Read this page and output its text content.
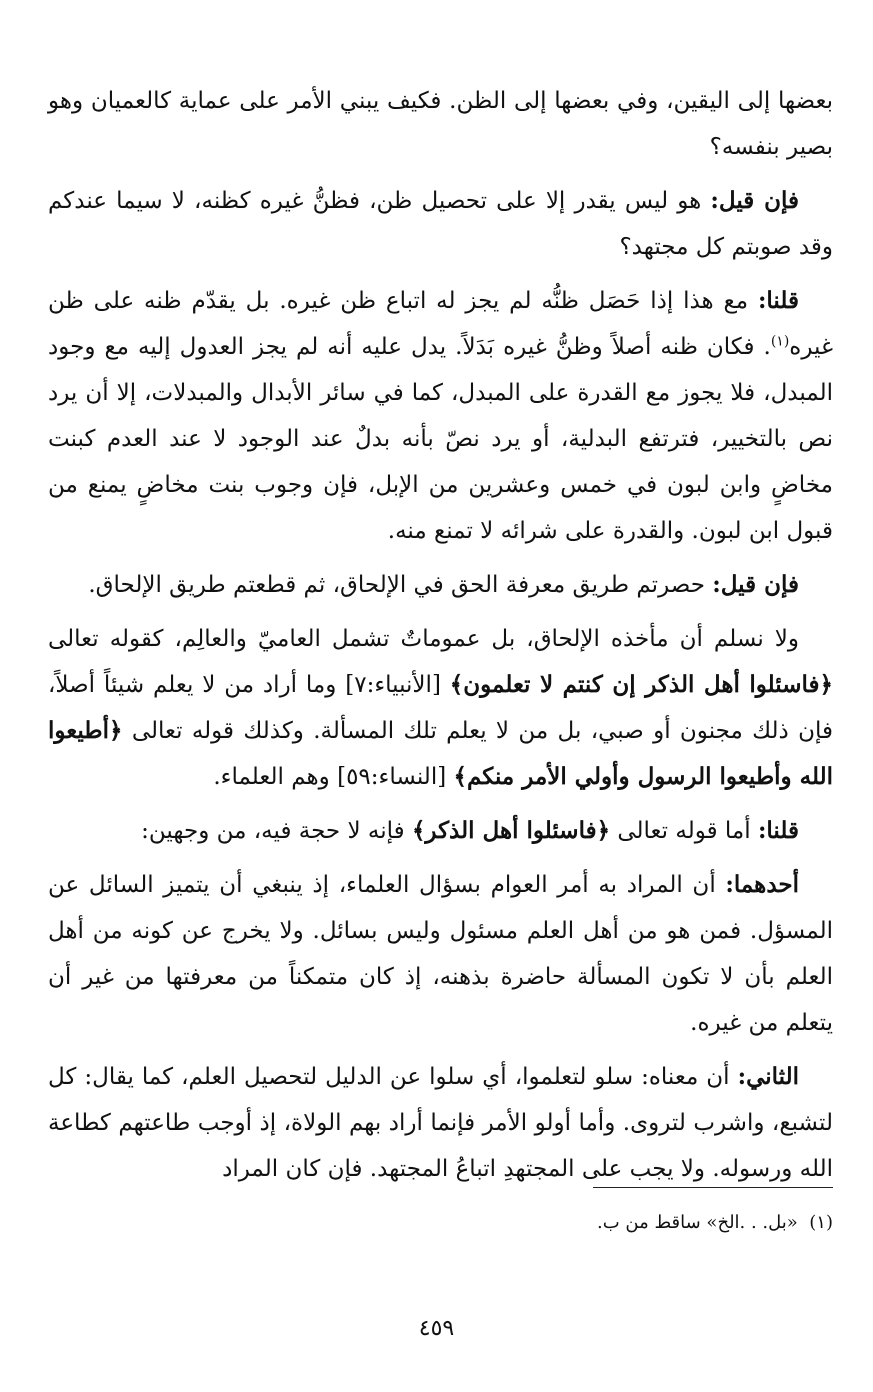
بعضها إلى اليقين، وفي بعضها إلى الظن. فكيف يبني الأمر على عماية كالعميان وهو بصير بنفسه؟

فإن قيل: هو ليس يقدر إلا على تحصيل ظن، فظنُّ غيره كظنه، لا سيما عندكم وقد صوبتم كل مجتهد؟

قلنا: مع هذا إذا حَصَل ظنُّه لم يجز له اتباع ظن غيره. بل يقدّم ظنه على ظن غيره$^{(١)}$. فكان ظنه أصلاً وظنُّ غيره بَدَلاً. يدل عليه أنه لم يجز العدول إليه مع وجود المبدل، فلا يجوز مع القدرة على المبدل، كما في سائر الأبدال والمبدلات، إلا أن يرد نص بالتخيير، فترتفع البدلية، أو يرد نصّ بأنه بدلٌ عند الوجود لا عند العدم كبنت مخاضٍ وابن لبون في خمس وعشرين من الإبل، فإن وجوب بنت مخاضٍ يمنع من قبول ابن لبون. والقدرة على شرائه لا تمنع منه.

فإن قيل: حصرتم طريق معرفة الحق في الإلحاق، ثم قطعتم طريق الإلحاق.

ولا نسلم أن مأخذه الإلحاق، بل عموماتٌ تشمل العاميّ والعالِم، كقوله تعالى ﴿فاسئلوا أهل الذكر إن كنتم لا تعلمون﴾ [الأنبياء:٧] وما أراد من لا يعلم شيئاً أصلاً، فإن ذلك مجنون أو صبي، بل من لا يعلم تلك المسألة. وكذلك قوله تعالى ﴿أطيعوا الله وأطيعوا الرسول وأولي الأمر منكم﴾ [النساء:٥٩] وهم العلماء.

قلنا: أما قوله تعالى ﴿فاسئلوا أهل الذكر﴾ فإنه لا حجة فيه، من وجهين:

أحدهما: أن المراد به أمر العوام بسؤال العلماء، إذ ينبغي أن يتميز السائل عن المسؤل. فمن هو من أهل العلم مسئول وليس بسائل. ولا يخرج عن كونه من أهل العلم بأن لا تكون المسألة حاضرة بذهنه، إذ كان متمكناً من معرفتها من غير أن يتعلم من غيره.

الثاني: أن معناه: سلو لتعلموا، أي سلوا عن الدليل لتحصيل العلم، كما يقال: كل لتشبع، واشرب لتروى. وأما أولو الأمر فإنما أراد بهم الولاة، إذ أوجب طاعتهم كطاعة الله ورسوله. ولا يجب على المجتهدِ اتباعُ المجتهد. فإن كان المراد

(١)  «بل. . .الخ» ساقط من ب.
٤٥٩
